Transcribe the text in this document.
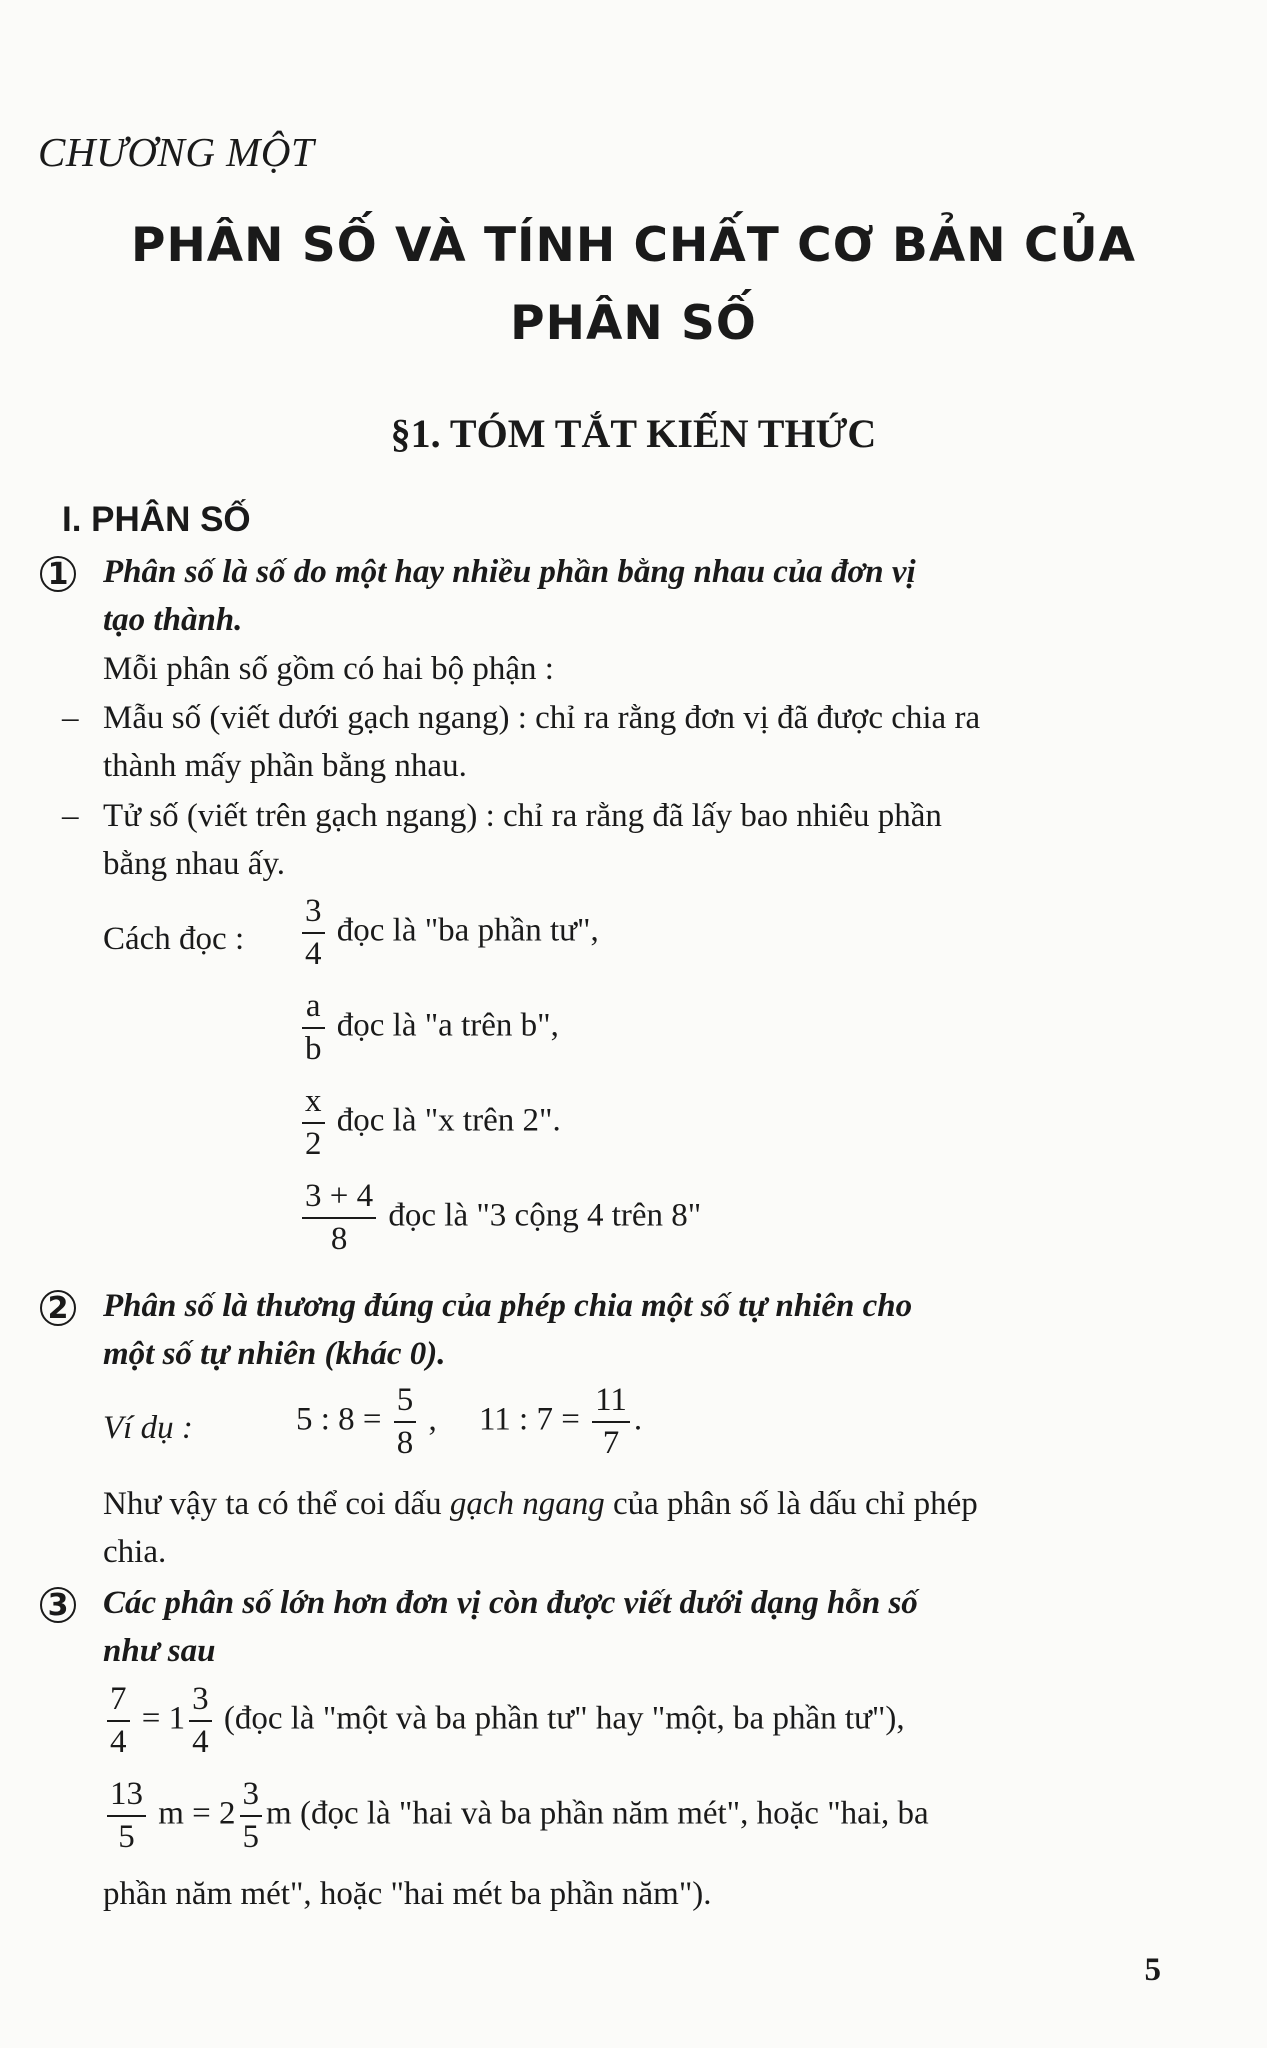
CHƯƠNG MỘT
PHÂN SỐ VÀ TÍNH CHẤT CƠ BẢN CỦA
PHÂN SỐ
§1. TÓM TẮT KIẾN THỨC
I. PHÂN SỐ
1 Phân số là số do một hay nhiều phần bằng nhau của đơn vị
tạo thành.
Mỗi phân số gồm có hai bộ phận :
– Mẫu số (viết dưới gạch ngang) : chỉ ra rằng đơn vị đã được chia ra
thành mấy phần bằng nhau.
– Tử số (viết trên gạch ngang) : chỉ ra rằng đã lấy bao nhiêu phần
bằng nhau ấy.
Cách đọc : $\frac{3}{4}$ đọc là "ba phần tư",
$\frac{a}{b}$ đọc là "a trên b",
$\frac{x}{2}$ đọc là "x trên 2".
$\frac{3 + 4}{8}$ đọc là "3 cộng 4 trên 8"
2 Phân số là thương đúng của phép chia một số tự nhiên cho
một số tự nhiên (khác 0).
Ví dụ :	5 : $8 = \frac{5}{8}$ , 11 : $7 = \frac{11}{7}$ .
Như vậy ta có thể coi dấu gạch ngang của phân số là dấu chỉ phép
chia.
3 Các phân số lớn hơn đơn vị còn được viết dưới dạng hỗn số
như sau
$\frac{7}{4} = 1 \frac{3}{4}$ (đọc là "một và ba phần tư" hay "một, ba phần tư"),
$\frac{13}{5}$ $m = 2 \frac{3}{5}$ m (đọc là "hai và ba phần năm mét", hoặc "hai, ba
phần năm mét", hoặc "hai mét ba phần năm").
5
